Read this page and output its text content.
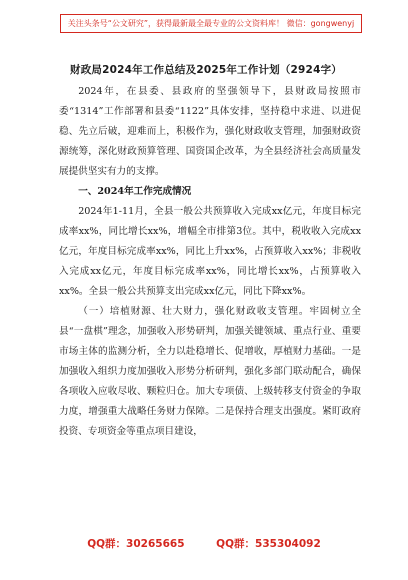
关注头条号“公文研究”，获得最新最全最专业的公文资料库！ 微信：gongwenyj
财政局2024年工作总结及2025年工作计划（2924字）

2024年，在县委、县政府的坚强领导下，县财政局按照市委“1314”工作部署和县委“1122”具体安排，坚持稳中求进、以进促稳、先立后破，迎难而上，积极作为，强化财政收支管理，加强财政资源统筹，深化财政预算管理、国资国企改革，为全县经济社会高质量发展提供坚实有力的支撑。

一、2024年工作完成情况

2024年1-11月，全县一般公共预算收入完成xx亿元，年度目标完成率xx%，同比增长xx%，增幅全市排第3位。其中，税收收入完成xx亿元，年度目标完成率xx%，同比上升xx%，占预算收入xx%；非税收入完成xx亿元，年度目标完成率xx%，同比增长xx%，占预算收入xx%。全县一般公共预算支出完成xx亿元，同比下降xx%。

（一）培植财源、壮大财力，强化财政收支管理。牢固树立全县“一盘棋”理念，加强收入形势研判，加强关键领域、重点行业、重要市场主体的监测分析，全力以赴稳增长、促增收，厚植财力基础。一是加强收入组织力度加强收入形势分析研判，强化多部门联动配合，确保各项收入应收尽收、颗粒归仓。加大专项债、上级转移支付资金的争取力度，增强重大战略任务财力保障。二是保持合理支出强度。紧盯政府投资、专项资金等重点项目建设，

QQ群：30265665	QQ群：535304092
